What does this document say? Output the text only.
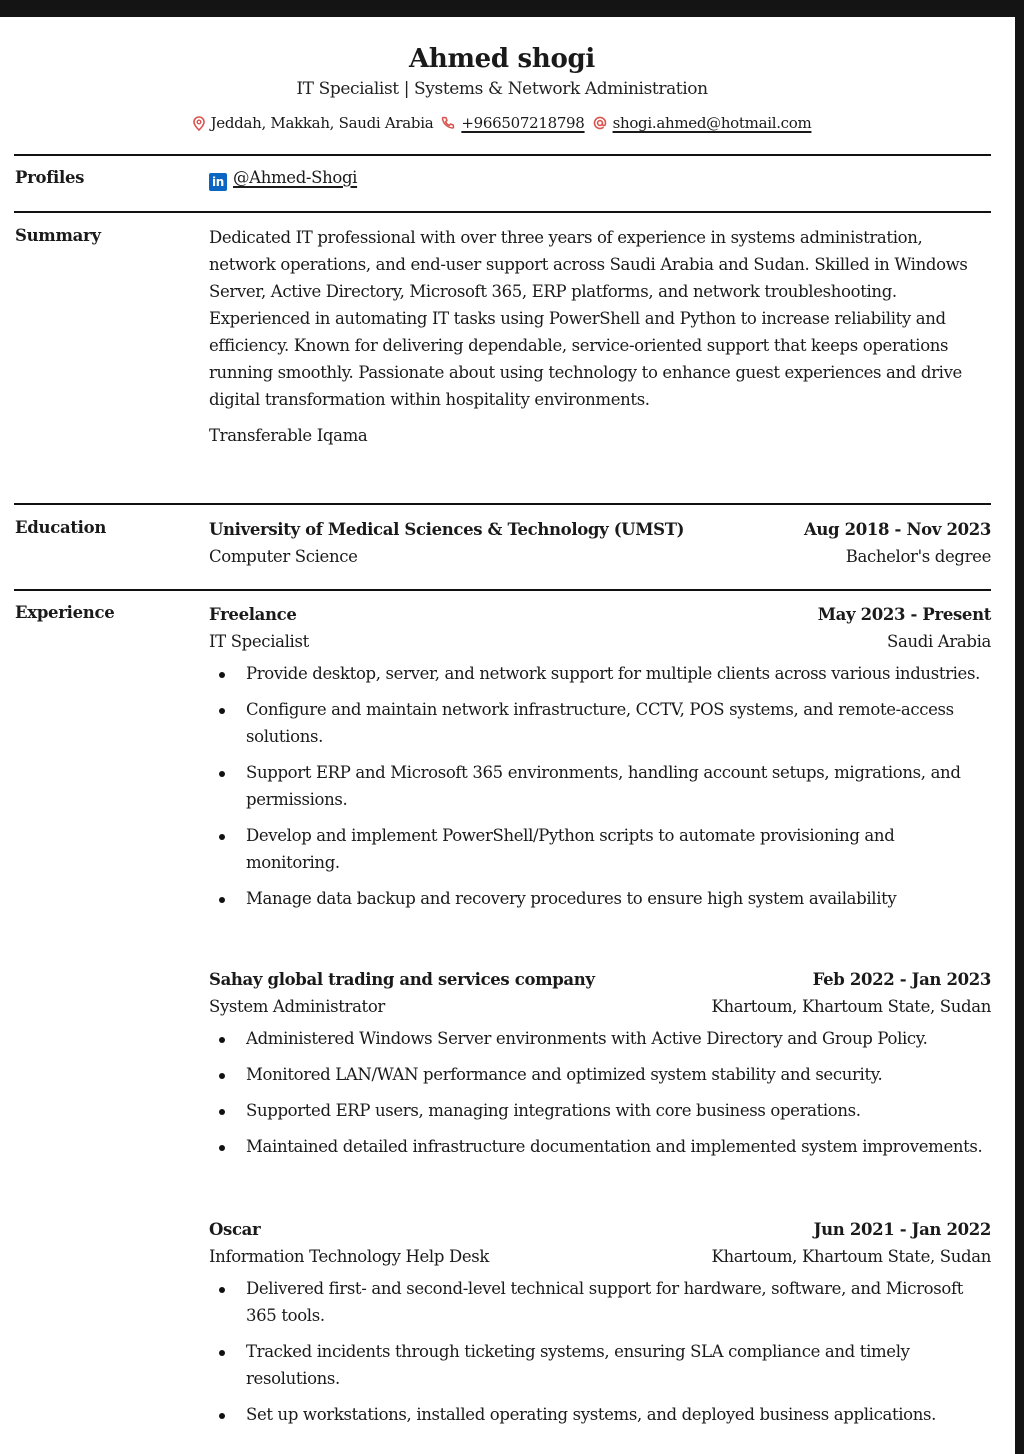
Ahmed shogi
IT Specialist | Systems & Network Administration
Jeddah, Makkah, Saudi Arabia +966507218798 shogi.ahmed@hotmail.com
Profiles	in @Ahmed-Shogi
Summary	Dedicated IT professional with over three years of experience in systems administration, network operations, and end-user support across Saudi Arabia and Sudan. Skilled in Windows Server, Active Directory, Microsoft 365, ERP platforms, and network troubleshooting. Experienced in automating IT tasks using PowerShell and Python to increase reliability and efficiency. Known for delivering dependable, service-oriented support that keeps operations running smoothly. Passionate about using technology to enhance guest experiences and drive digital transformation within hospitality environments.

Transferable Iqama

Education	University of Medical Sciences & Technology (UMST)	Aug 2018 - Nov 2023
Computer Science	Bachelor's degree
Experience	Freelance	May 2023 - Present
IT Specialist	Saudi Arabia
Provide desktop, server, and network support for multiple clients across various industries.
Configure and maintain network infrastructure, CCTV, POS systems, and remote-access solutions.
Support ERP and Microsoft 365 environments, handling account setups, migrations, and permissions.
Develop and implement PowerShell/Python scripts to automate provisioning and monitoring.
Manage data backup and recovery procedures to ensure high system availability
Sahay global trading and services company	Feb 2022 - Jan 2023
System Administrator	Khartoum, Khartoum State, Sudan
Administered Windows Server environments with Active Directory and Group Policy.
Monitored LAN/WAN performance and optimized system stability and security.
Supported ERP users, managing integrations with core business operations.
Maintained detailed infrastructure documentation and implemented system improvements.
Oscar	Jun 2021 - Jan 2022
Information Technology Help Desk	Khartoum, Khartoum State, Sudan
Delivered first- and second-level technical support for hardware, software, and Microsoft 365 tools.
Tracked incidents through ticketing systems, ensuring SLA compliance and timely resolutions.
Set up workstations, installed operating systems, and deployed business applications.
